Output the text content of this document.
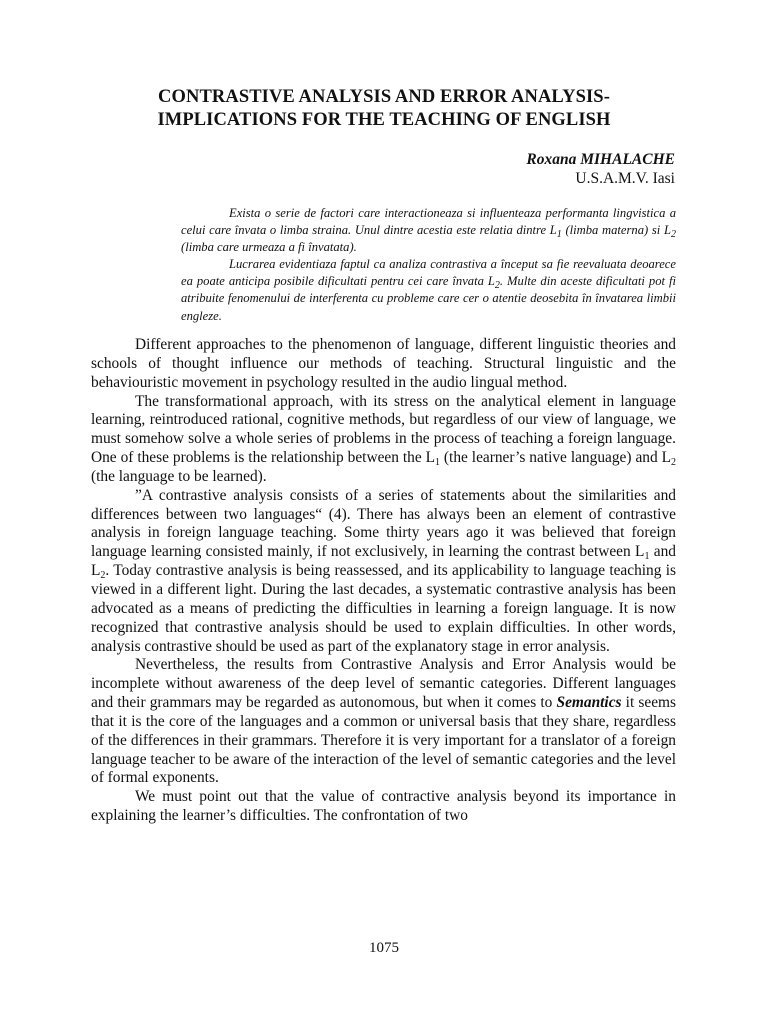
CONTRASTIVE ANALYSIS AND ERROR ANALYSIS-
IMPLICATIONS FOR THE TEACHING OF ENGLISH
Roxana MIHALACHE
U.S.A.M.V. Iasi

Exista o serie de factori care interactioneaza si influenteaza performanta lingvistica a celui care învata o limba straina. Unul dintre acestia este relatia dintre $L_1$ (limba materna) si $L_2$ (limba care urmeaza a fi învatata).

Lucrarea evidentiaza faptul ca analiza contrastiva a început sa fie reevaluata deoarece ea poate anticipa posibile dificultati pentru cei care învata $L_2$. Multe din aceste dificultati pot fi atribuite fenomenului de interferenta cu probleme care cer o atentie deosebita în învatarea limbii engleze.

Different approaches to the phenomenon of language, different linguistic theories and schools of thought influence our methods of teaching. Structural linguistic and the behaviouristic movement in psychology resulted in the audio lingual method.

The transformational approach, with its stress on the analytical element in language learning, reintroduced rational, cognitive methods, but regardless of our view of language, we must somehow solve a whole series of problems in the process of teaching a foreign language. One of these problems is the relationship between the $L_1$ (the learner’s native language) and $L_2$ (the language to be learned).

”A contrastive analysis consists of a series of statements about the similarities and differences between two languages“ (4). There has always been an element of contrastive analysis in foreign language teaching. Some thirty years ago it was believed that foreign language learning consisted mainly, if not exclusively, in learning the contrast between $L_1$ and $L_2$. Today contrastive analysis is being reassessed, and its applicability to language teaching is viewed in a different light. During the last decades, a systematic contrastive analysis has been advocated as a means of predicting the difficulties in learning a foreign language. It is now recognized that contrastive analysis should be used to explain difficulties. In other words, analysis contrastive should be used as part of the explanatory stage in error analysis.

Nevertheless, the results from Contrastive Analysis and Error Analysis would be incomplete without awareness of the deep level of semantic categories. Different languages and their grammars may be regarded as autonomous, but when it comes to Semantics it seems that it is the core of the languages and a common or universal basis that they share, regardless of the differences in their grammars. Therefore it is very important for a translator of a foreign language teacher to be aware of the interaction of the level of semantic categories and the level of formal exponents.

We must point out that the value of contractive analysis beyond its importance in explaining the learner’s difficulties. The confrontation of two

1075
